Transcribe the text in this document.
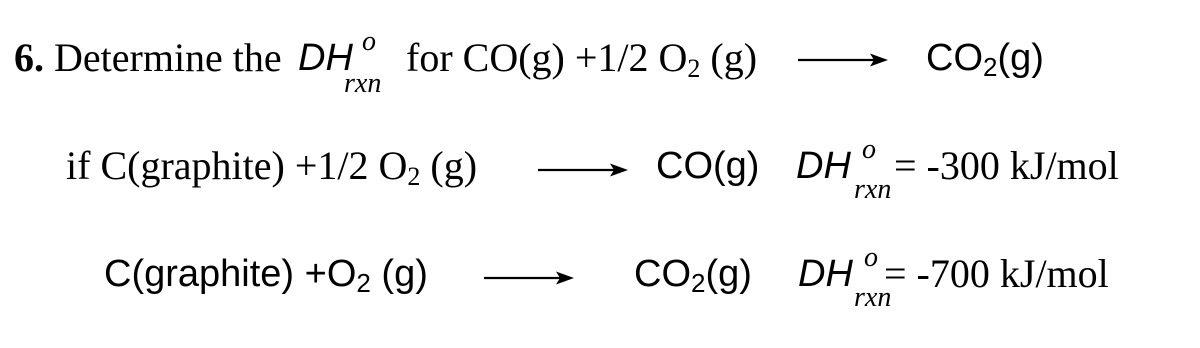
6. Determine the DH o
rxn
for CO(g) +1/2 $O_2$ (g)	$CO_2(g)$
if C(graphite) +1/2 $O_2$ (g)	CO(g) DH o
rxn
= -300 kJ/mol
C(graphite) $+O_2$ (g)	$CO_2(g)$ DH o
rxn
= -700 kJ/mol
